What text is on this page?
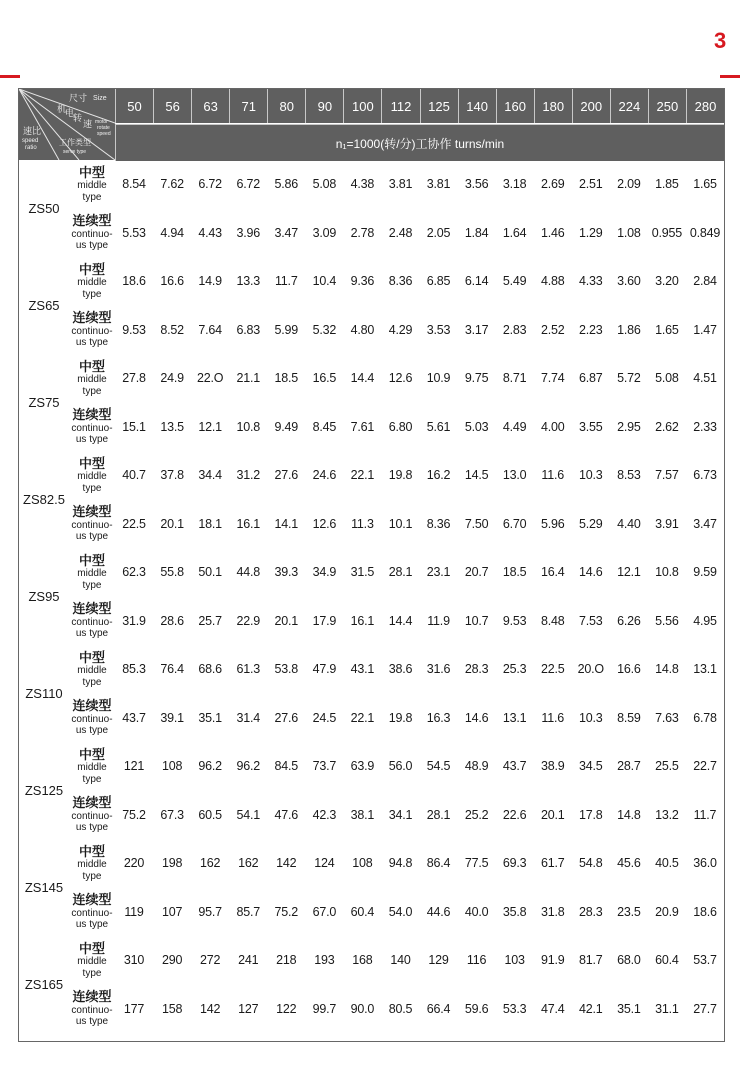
3
尺寸 Size
机
电
转
速 motor
rotate
speed
速比
speed
ratio
工作类型
serve type
50	56	63	71	80	90	100	112	125	140	160	180	200	224	250	280
n₁=1000(转/分)工协作 turns/min
ZS50
中型
middle
type
8.54	7.62	6.72	6.72	5.86	5.08	4.38	3.81	3.81	3.56	3.18	2.69	2.51	2.09	1.85	1.65
连续型
continuo-
us type
5.53	4.94	4.43	3.96	3.47	3.09	2.78	2.48	2.05	1.84	1.64	1.46	1.29	1.08 0.955 0.849
ZS65
中型
middle
type
18.6	16.6	14.9	13.3	11.7	10.4	9.36	8.36	6.85	6.14	5.49	4.88	4.33	3.60	3.20	2.84
连续型
continuo-
us type
9.53	8.52	7.64	6.83	5.99	5.32	4.80	4.29	3.53	3.17	2.83	2.52	2.23	1.86	1.65	1.47
ZS75
中型
middle
type
27.8	24.9	22.O	21.1	18.5	16.5	14.4	12.6	10.9	9.75	8.71	7.74	6.87	5.72	5.08	4.51
连续型
continuo-
us type
15.1	13.5	12.1	10.8	9.49	8.45	7.61	6.80	5.61	5.03	4.49	4.00	3.55	2.95	2.62	2.33
ZS82.5
中型
middle
type
40.7	37.8	34.4	31.2	27.6	24.6	22.1	19.8	16.2	14.5	13.0	11.6	10.3	8.53	7.57	6.73
连续型
continuo-
us type
22.5	20.1	18.1	16.1	14.1	12.6	11.3	10.1	8.36	7.50	6.70	5.96	5.29	4.40	3.91	3.47
ZS95
中型
middle
type
62.3	55.8	50.1	44.8	39.3	34.9	31.5	28.1	23.1	20.7	18.5	16.4	14.6	12.1	10.8	9.59
连续型
continuo-
us type
31.9	28.6	25.7	22.9	20.1	17.9	16.1	14.4	11.9	10.7	9.53	8.48	7.53	6.26	5.56	4.95
ZS110
中型
middle
type
85.3	76.4	68.6	61.3	53.8	47.9	43.1	38.6	31.6	28.3	25.3	22.5	20.O	16.6	14.8	13.1
连续型
continuo-
us type
43.7	39.1	35.1	31.4	27.6	24.5	22.1	19.8	16.3	14.6	13.1	11.6	10.3	8.59	7.63	6.78
ZS125
中型
middle
type
121	108	96.2	96.2	84.5	73.7	63.9	56.0	54.5	48.9	43.7	38.9	34.5	28.7	25.5	22.7
连续型
continuo-
us type
75.2	67.3	60.5	54.1	47.6	42.3	38.1	34.1	28.1	25.2	22.6	20.1	17.8	14.8	13.2	11.7
ZS145
中型
middle
type
220	198	162	162	142	124	108	94.8	86.4	77.5	69.3	61.7	54.8	45.6	40.5	36.0
连续型
continuo-
us type
119	107	95.7	85.7	75.2	67.0	60.4	54.0	44.6	40.0	35.8	31.8	28.3	23.5	20.9	18.6
ZS165
中型
middle
type
310	290	272	241	218	193	168	140	129	116	103	91.9	81.7	68.0	60.4	53.7
连续型
continuo-
us type
177	158	142	127	122	99.7	90.0	80.5	66.4	59.6	53.3	47.4	42.1	35.1	31.1	27.7
